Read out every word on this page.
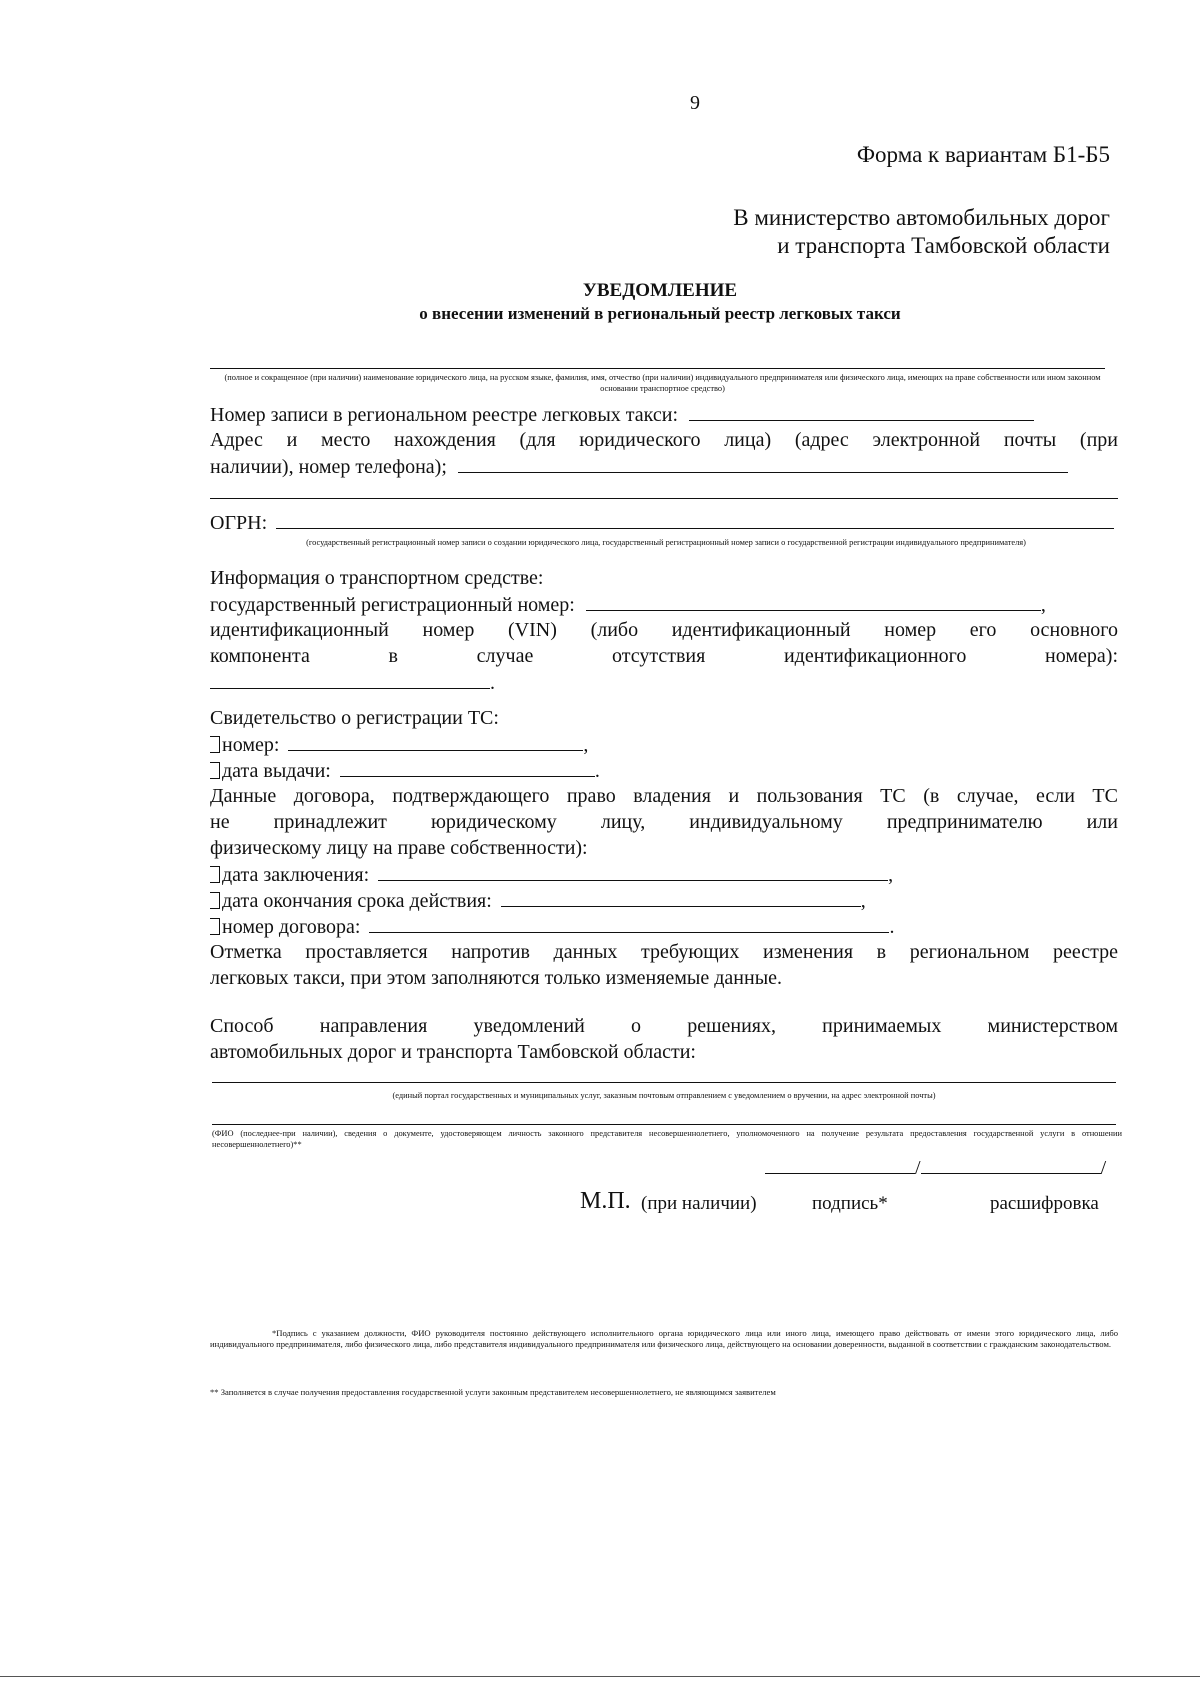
9
Форма к вариантам Б1-Б5
В министерство автомобильных дорог
и транспорта Тамбовской области
УВЕДОМЛЕНИЕ
о внесении изменений в региональный реестр легковых такси
(полное и сокращенное (при наличии) наименование юридического лица, на русском языке, фамилия, имя, отчество (при наличии) индивидуального предпринимателя или физического лица, имеющих на праве собственности или ином законном основании транспортное средство)
Номер записи в региональном реестре легковых такси:
Адрес и место нахождения (для юридического лица) (адрес электронной почты (при
наличии), номер телефона);
ОГРН:
(государственный регистрационный номер записи о создании юридического лица, государственный регистрационный номер записи о государственной регистрации индивидуального предпринимателя)
Информация о транспортном средстве:
государственный регистрационный номер:	,
идентификационный номер (VIN) (либо идентификационный номер его основного
компонента в случае отсутствия идентификационного номера):
.
Свидетельство о регистрации ТС:
номер:	,
дата выдачи:	.
Данные договора, подтверждающего право владения и пользования ТС (в случае, если ТС
не принадлежит юридическому лицу, индивидуальному предпринимателю или
физическому лицу на праве собственности):
дата заключения:	,
дата окончания срока действия:	,
номер договора:	.
Отметка проставляется напротив данных требующих изменения в региональном реестре
легковых такси, при этом заполняются только изменяемые данные.
Способ направления уведомлений о решениях, принимаемых министерством
автомобильных дорог и транспорта Тамбовской области:
(единый портал государственных и муниципальных услуг, заказным почтовым отправлением с уведомлением о вручении, на адрес электронной почты)
(ФИО (последнее-при наличии), сведения о документе, удостоверяющем личность законного представителя несовершеннолетнего, уполномоченного на получение результата предоставления государственной услуги в отношении несовершеннолетнего)**
/	/
М.П. (при наличии)	подпись*	расшифровка
*Подпись с указанием должности, ФИО руководителя постоянно действующего исполнительного органа юридического лица или иного лица, имеющего право действовать от имени этого юридического лица, либо индивидуального предпринимателя, либо физического лица, либо представителя индивидуального предпринимателя или физического лица, действующего на основании доверенности, выданной в соответствии с гражданским законодательством.
** Заполняется в случае получения предоставления государственной услуги законным представителем несовершеннолетнего, не являющимся заявителем
